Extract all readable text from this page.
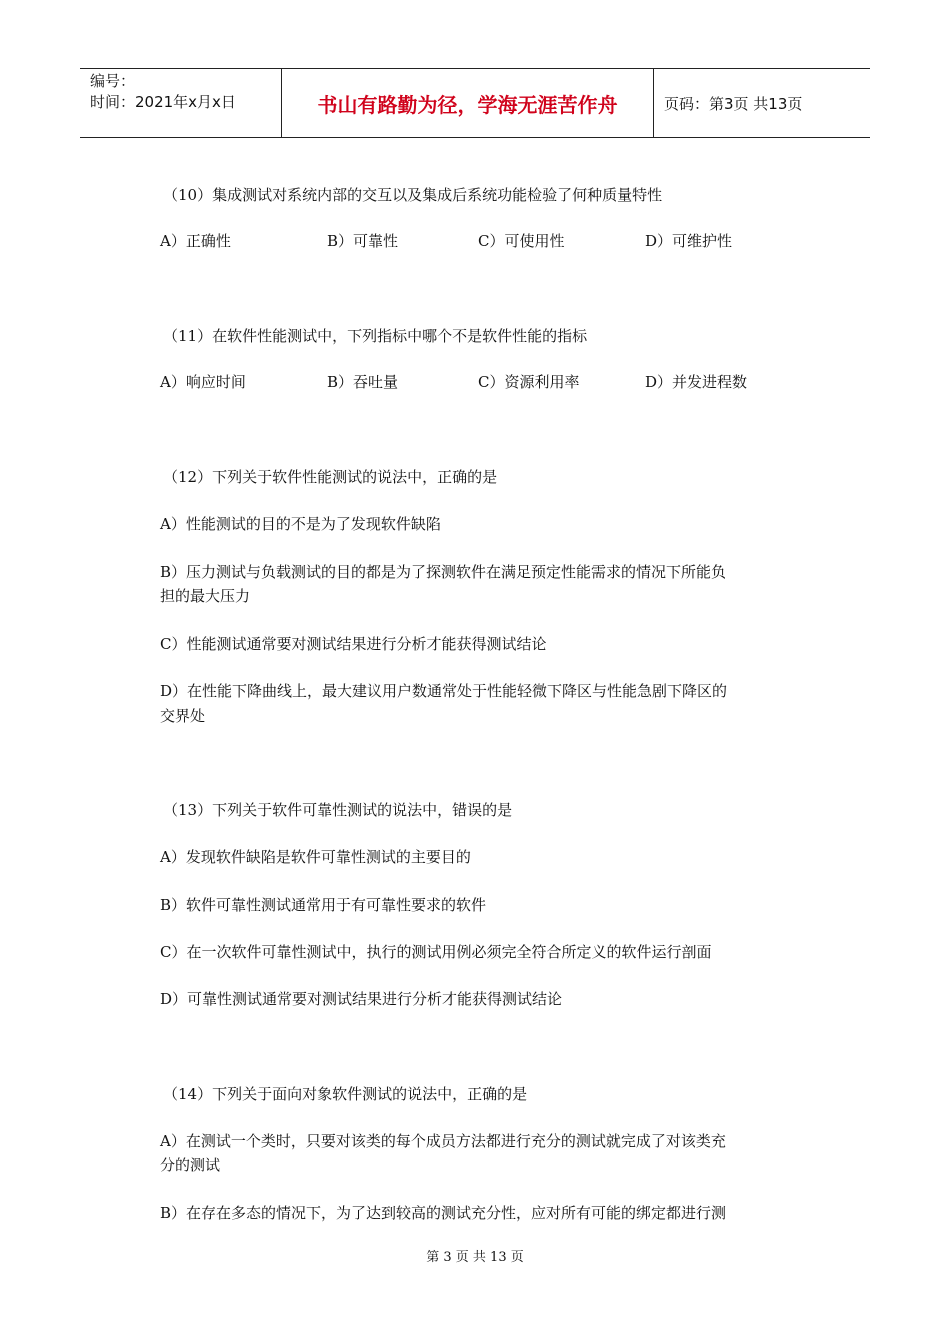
编号：
时间：2021年x月x日	书山有路勤为径，学海无涯苦作舟	页码：第3页 共13页
（10）集成测试对系统内部的交互以及集成后系统功能检验了何种质量特性
A）正确性	B）可靠性	C）可使用性	D）可维护性
（11）在软件性能测试中，下列指标中哪个不是软件性能的指标
A）响应时间	B）吞吐量	C）资源利用率	D）并发进程数
（12）下列关于软件性能测试的说法中，正确的是
A）性能测试的目的不是为了发现软件缺陷
B）压力测试与负载测试的目的都是为了探测软件在满足预定性能需求的情况下所能负
担的最大压力
C）性能测试通常要对测试结果进行分析才能获得测试结论
D）在性能下降曲线上，最大建议用户数通常处于性能轻微下降区与性能急剧下降区的
交界处
（13）下列关于软件可靠性测试的说法中，错误的是
A）发现软件缺陷是软件可靠性测试的主要目的
B）软件可靠性测试通常用于有可靠性要求的软件
C）在一次软件可靠性测试中，执行的测试用例必须完全符合所定义的软件运行剖面
D）可靠性测试通常要对测试结果进行分析才能获得测试结论
（14）下列关于面向对象软件测试的说法中，正确的是
A）在测试一个类时，只要对该类的每个成员方法都进行充分的测试就完成了对该类充
分的测试
B）在存在多态的情况下，为了达到较高的测试充分性，应对所有可能的绑定都进行测
第 3 页 共 13 页
